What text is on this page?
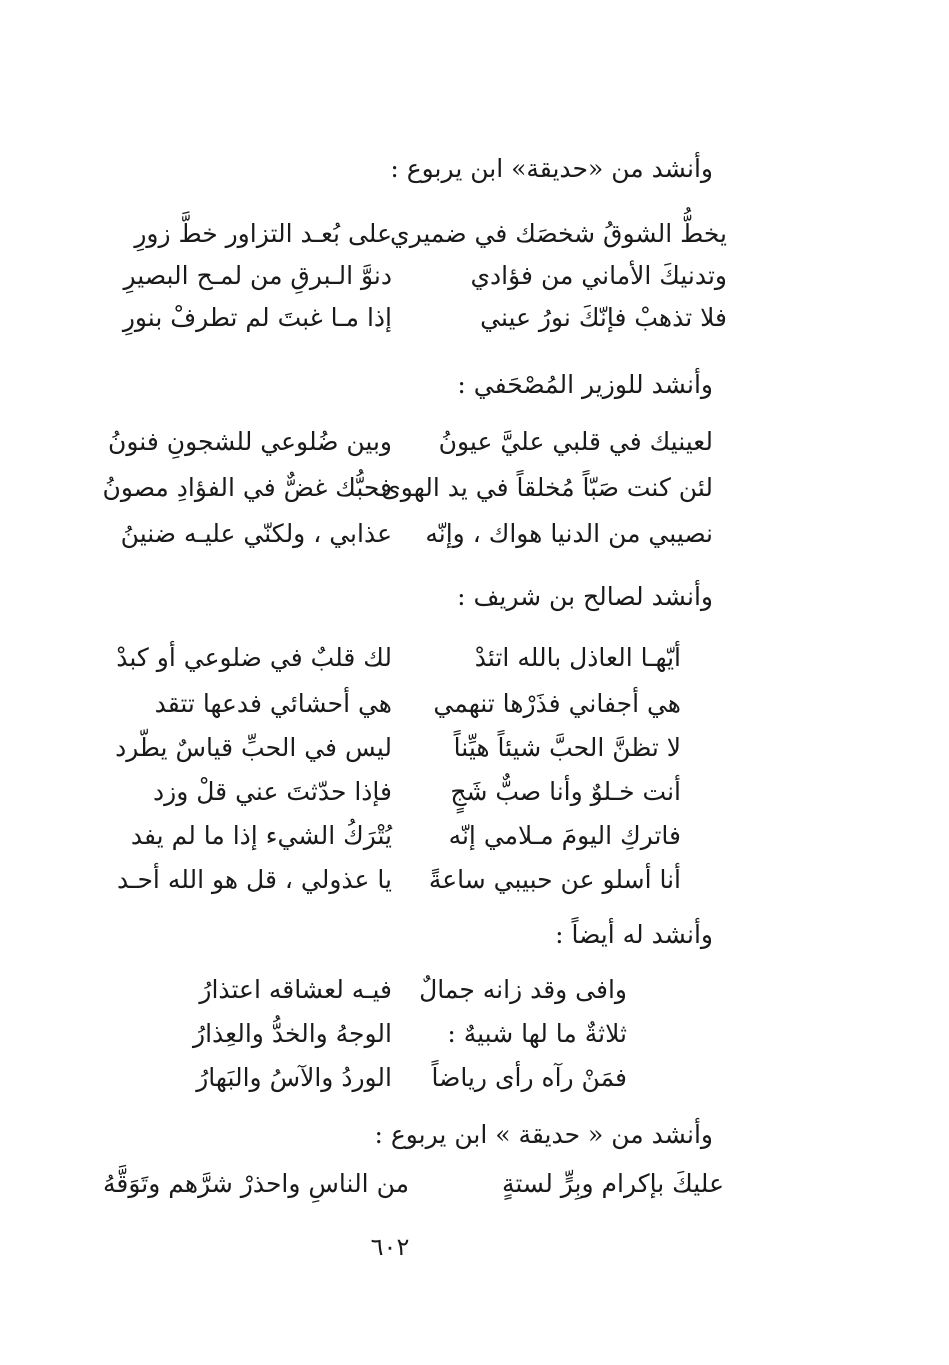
وأنشد من «حديقة» ابن يربوع :
يخطُّ الشوقُ شخصَك في ضميري
على بُعـد التزاور خطَّ زورِ
وتدنيكَ الأماني من فؤادي
دنوَّ الـبرقِ من لمـح البصيرِ
فلا تذهبْ فإنّكَ نورُ عيني
إذا مـا غبتَ لم تطرفْ بنورِ
وأنشد للوزير المُصْحَفي :
لعينيك في قلبي عليَّ عيونُ
وبين ضُلوعي للشجونِ فنونُ
لئن كنت صَبّاً مُخلقاً في يد الهوى
فحبُّك غضٌّ في الفؤادِ مصونُ
نصيبي من الدنيا هواك ، وإنّه
عذابي ، ولكنّي عليـه ضنينُ
وأنشد لصالح بن شريف :
أيّهـا العاذل بالله اتئدْ
لك قلبٌ في ضلوعي أو كبدْ
هي أجفاني فذَرْها تنهمي
هي أحشائي فدعها تتقد
لا تظنَّ الحبَّ شيئاً هيِّناً
ليس في الحبِّ قياسٌ يطّرد
أنت خـلوٌ وأنا صبٌّ شَجٍ
فإذا حدّثتَ عني قلْ وزد
فاتركِ اليومَ مـلامي إنّه
يُتْرَكُ الشيء إذا ما لم يفد
أنا أسلو عن حبيبي ساعةً
يا عذولي ، قل هو الله أحـد
وأنشد له أيضاً :
وافى وقد زانه جمالٌ
فيـه لعشاقه اعتذارُ
ثلاثةٌ ما لها شبيهٌ :
الوجهُ والخدُّ والعِذارُ
فمَنْ رآه رأى رياضاً
الوردُ والآسُ والبَهارُ
وأنشد من « حديقة » ابن يربوع :
عليكَ بإكرام وبِرٍّ لستةٍ
من الناسِ واحذرْ شرَّهم وتَوَقَّهُ
٦٠٢
